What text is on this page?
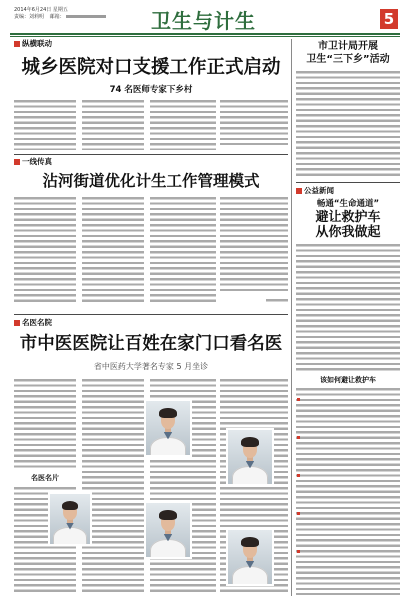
2014年6月24日 星期五
责编：刘莉明 邮箱：	卫生与计生	5
纵横联动
城乡医院对口支援工作正式启动
74 名医师专家下乡村
市卫计局开展
卫生“三下乡”活动
一线传真
沾河街道优化计生工作管理模式
公益新闻
畅通“生命通道”
避让救护车
从你我做起
该如何避让救护车
名医名院
市中医医院让百姓在家门口看名医
省中医药大学著名专家 5 月坐诊
名医名片
